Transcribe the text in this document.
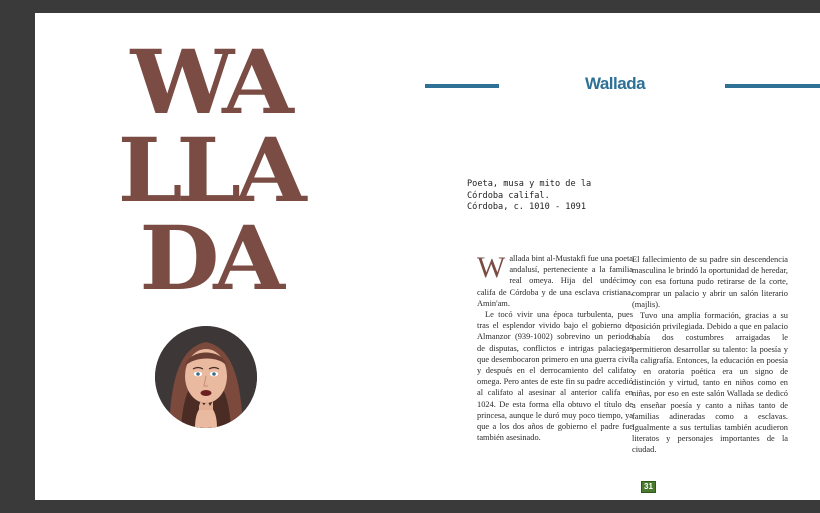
WA
LLA
DA
Wallada
Poeta, musa y mito de la
Córdoba califal.
Córdoba, c. 1010 - 1091
W allada bint al-Mustakfi fue una poeta andalusí, perteneciente a la familia real omeya. Hija del undécimo califa de Córdoba y de una esclava cristiana, Amin'am.

Le tocó vivir una época turbulenta, pues tras el esplendor vivido bajo el gobierno de Almanzor (939-1002) sobrevino un periodo de disputas, conflictos e intrigas palaciegas que desembocaron primero en una guerra civil y después en el derrocamiento del califato omega. Pero antes de este fin su padre accedió al califato al asesinar al anterior califa en 1024. De esta forma ella obtuvo el título de princesa, aunque le duró muy poco tiempo, ya que a los dos años de gobierno el padre fue también asesinado.

El fallecimiento de su padre sin descendencia masculina le brindó la oportunidad de heredar, y con esa fortuna pudo retirarse de la corte, comprar un palacio y abrir un salón literario (majlis).

Tuvo una amplia formación, gracias a su posición privilegiada. Debido a que en palacio había dos costumbres arraigadas le permitieron desarrollar su talento: la poesía y la caligrafía. Entonces, la educación en poesía y en oratoria poética era un signo de distinción y virtud, tanto en niños como en niñas, por eso en este salón Wallada se dedicó a enseñar poesía y canto a niñas tanto de familias adineradas como a esclavas. Igualmente a sus tertulias también acudieron literatos y personajes importantes de la ciudad.

31
